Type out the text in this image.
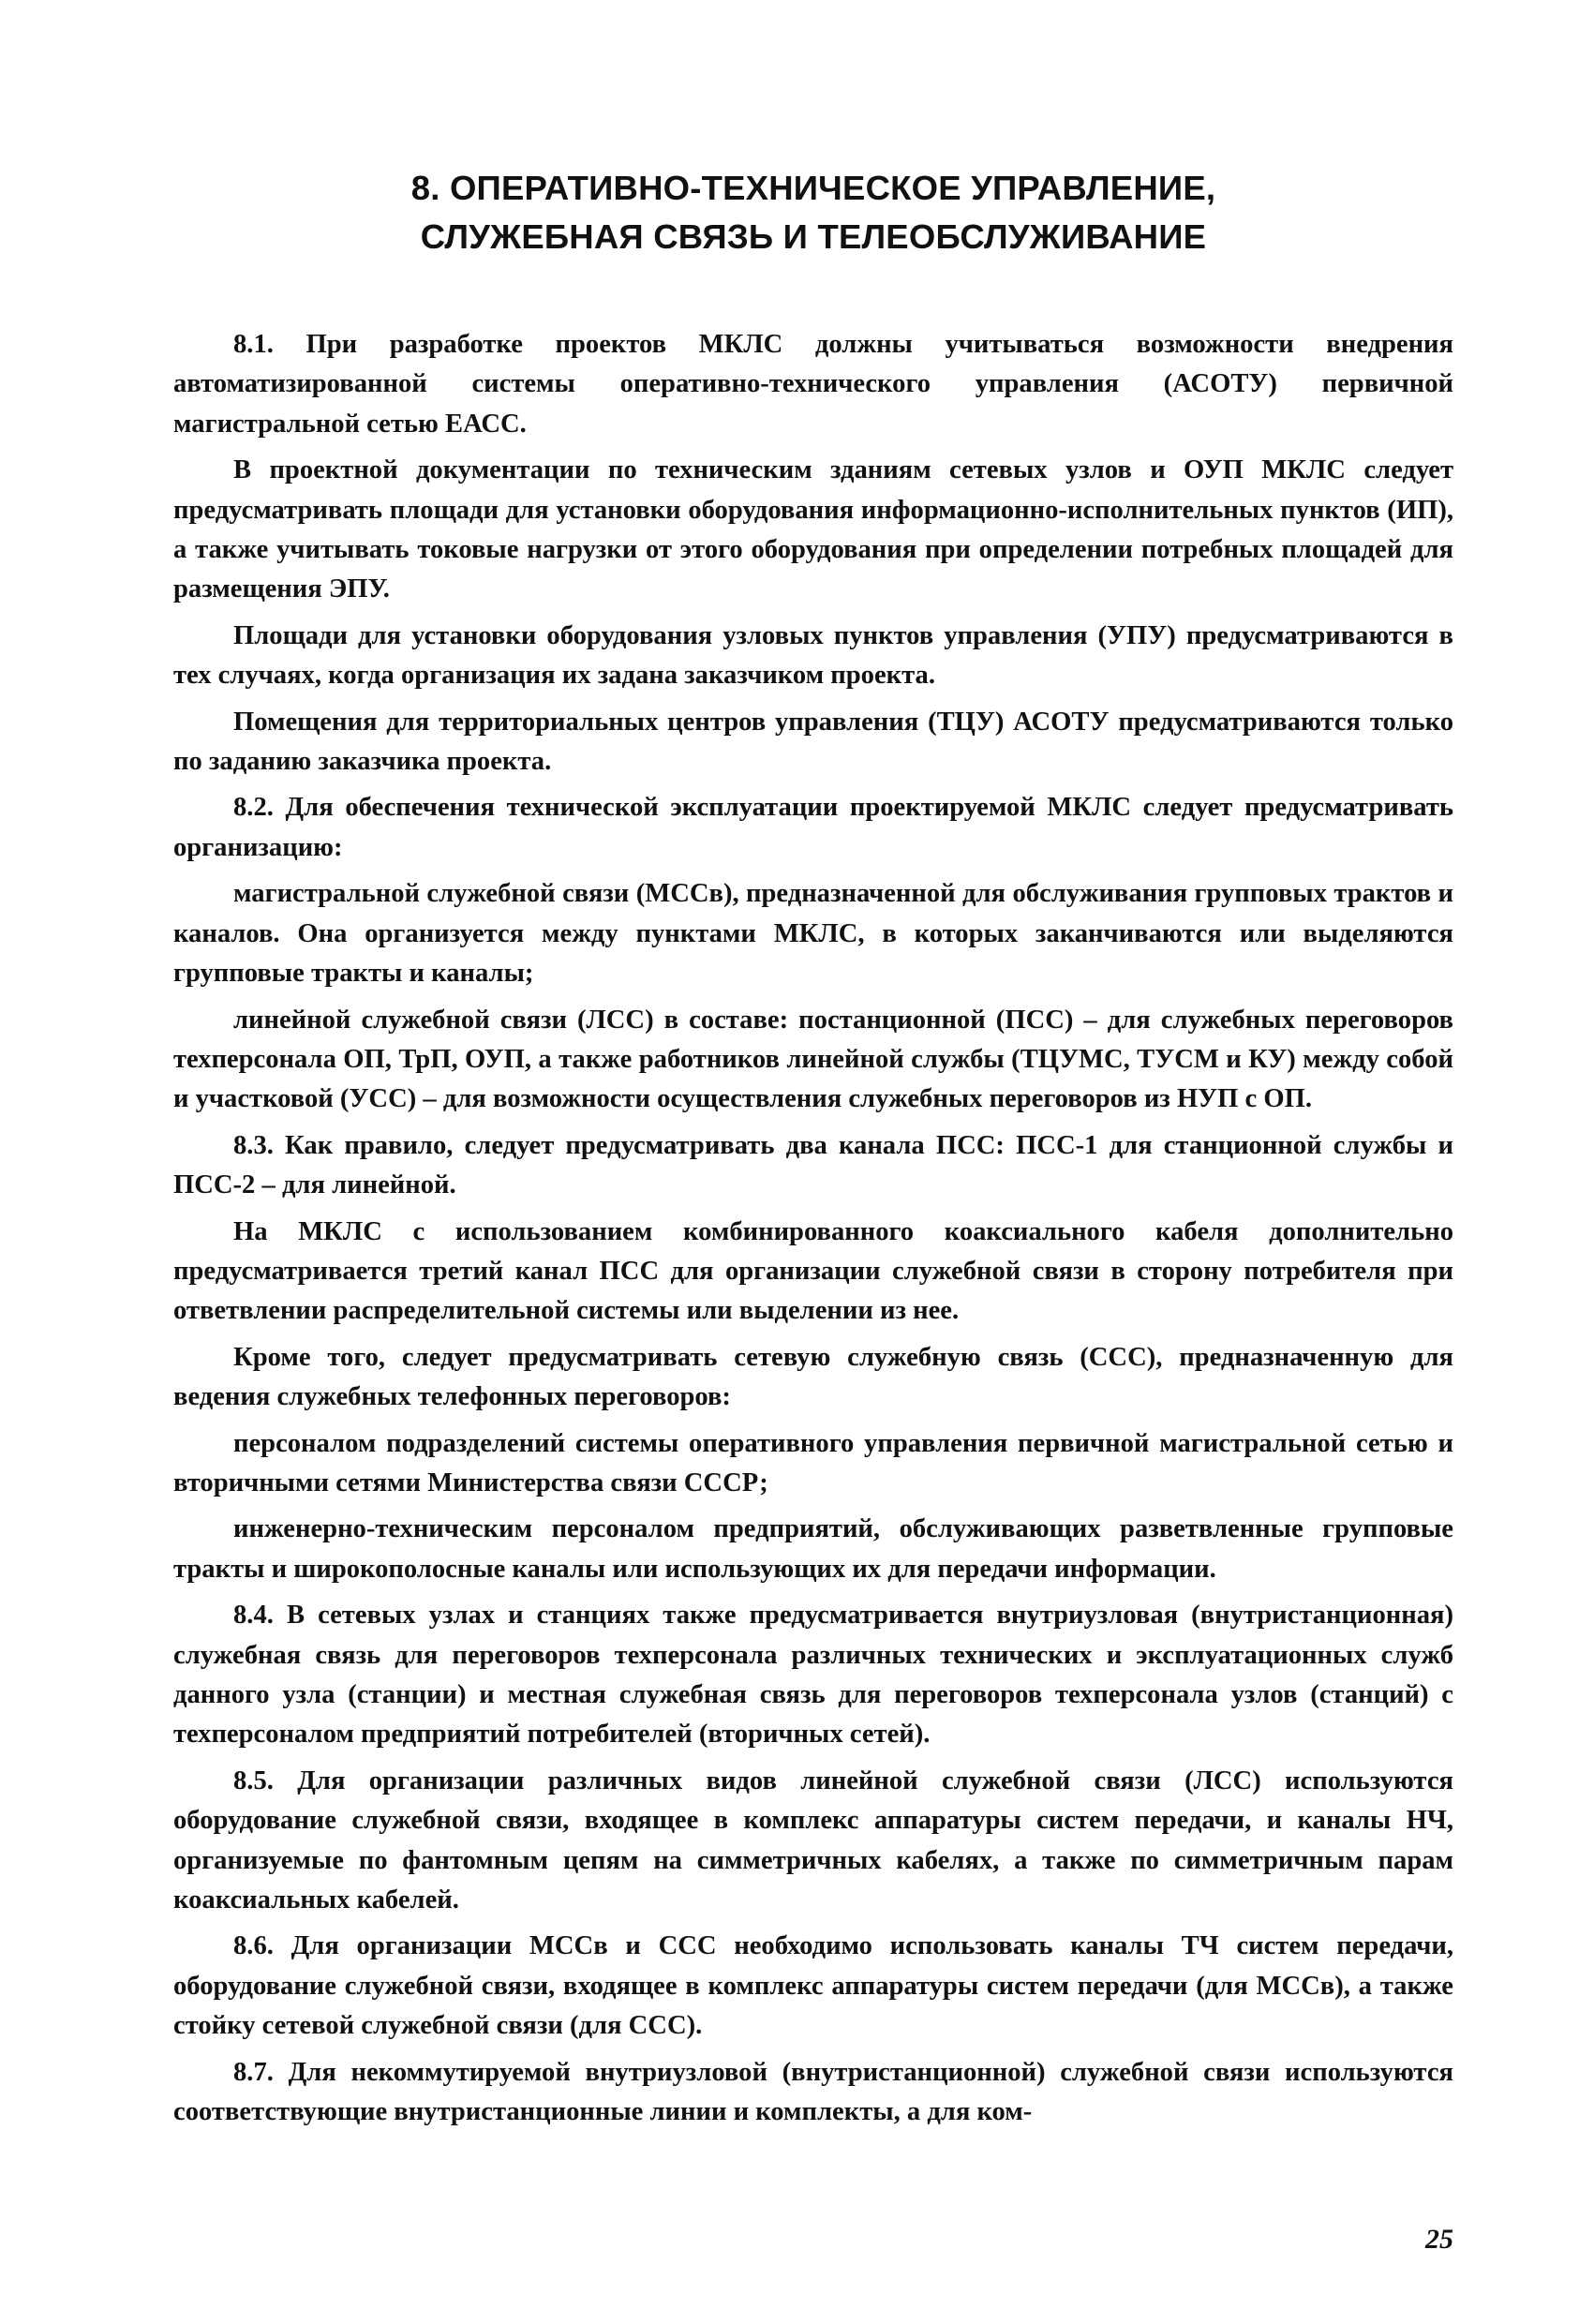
8. ОПЕРАТИВНО-ТЕХНИЧЕСКОЕ УПРАВЛЕНИЕ,
СЛУЖЕБНАЯ СВЯЗЬ И ТЕЛЕОБСЛУЖИВАНИЕ

8.1. При разработке проектов МКЛС должны учитываться возможности внедрения автоматизированной системы оперативно-технического управления (АСОТУ) первичной магистральной сетью ЕАСС.

В проектной документации по техническим зданиям сетевых узлов и ОУП МКЛС следует предусматривать площади для установки оборудования информационно-исполнительных пунктов (ИП), а также учитывать токовые нагрузки от этого оборудования при определении потребных площадей для размещения ЭПУ.

Площади для установки оборудования узловых пунктов управления (УПУ) предусматриваются в тех случаях, когда организация их задана заказчиком проекта.

Помещения для территориальных центров управления (ТЦУ) АСОТУ предусматриваются только по заданию заказчика проекта.

8.2. Для обеспечения технической эксплуатации проектируемой МКЛС следует предусматривать организацию:

магистральной служебной связи (МССв), предназначенной для обслуживания групповых трактов и каналов. Она организуется между пунктами МКЛС, в которых заканчиваются или выделяются групповые тракты и каналы;

линейной служебной связи (ЛСС) в составе: постанционной (ПСС) – для служебных переговоров техперсонала ОП, ТрП, ОУП, а также работников линейной службы (ТЦУМС, ТУСМ и КУ) между собой и участковой (УСС) – для возможности осуществления служебных переговоров из НУП с ОП.

8.3. Как правило, следует предусматривать два канала ПСС: ПСС-1 для станционной службы и ПСС-2 – для линейной.

На МКЛС с использованием комбинированного коаксиального кабеля дополнительно предусматривается третий канал ПСС для организации служебной связи в сторону потребителя при ответвлении распределительной системы или выделении из нее.

Кроме того, следует предусматривать сетевую служебную связь (ССС), предназначенную для ведения служебных телефонных переговоров:

персоналом подразделений системы оперативного управления первичной магистральной сетью и вторичными сетями Министерства связи СССР;

инженерно-техническим персоналом предприятий, обслуживающих разветвленные групповые тракты и широкополосные каналы или использующих их для передачи информации.

8.4. В сетевых узлах и станциях также предусматривается внутриузловая (внутристанционная) служебная связь для переговоров техперсонала различных технических и эксплуатационных служб данного узла (станции) и местная служебная связь для переговоров техперсонала узлов (станций) с техперсоналом предприятий потребителей (вторичных сетей).

8.5. Для организации различных видов линейной служебной связи (ЛСС) используются оборудование служебной связи, входящее в комплекс аппаратуры систем передачи, и каналы НЧ, организуемые по фантомным цепям на симметричных кабелях, а также по симметричным парам коаксиальных кабелей.

8.6. Для организации МССв и ССС необходимо использовать каналы ТЧ систем передачи, оборудование служебной связи, входящее в комплекс аппаратуры систем передачи (для МССв), а также стойку сетевой служебной связи (для ССС).

8.7. Для некоммутируемой внутриузловой (внутристанционной) служебной связи используются соответствующие внутристанционные линии и комплекты, а для ком-

25
